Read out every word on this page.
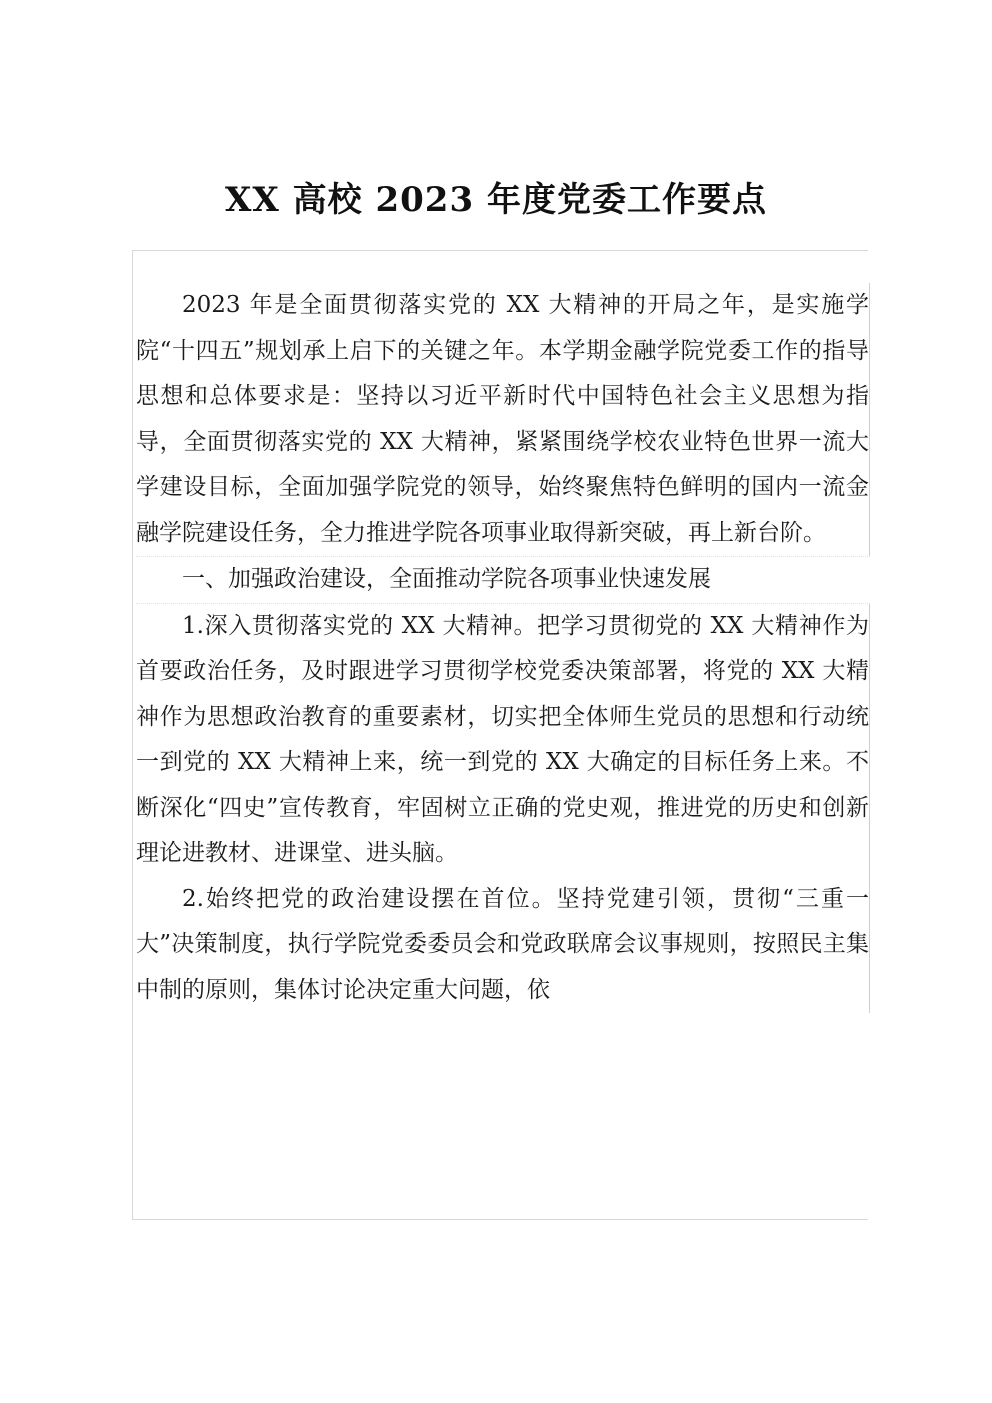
XX 高校 2023 年度党委工作要点

2023 年是全面贯彻落实党的 XX 大精神的开局之年，是实施学院“十四五”规划承上启下的关键之年。本学期金融学院党委工作的指导思想和总体要求是：坚持以习近平新时代中国特色社会主义思想为指导，全面贯彻落实党的 XX 大精神，紧紧围绕学校农业特色世界一流大学建设目标，全面加强学院党的领导，始终聚焦特色鲜明的国内一流金融学院建设任务，全力推进学院各项事业取得新突破，再上新台阶。

一、加强政治建设，全面推动学院各项事业快速发展

1.深入贯彻落实党的 XX 大精神。把学习贯彻党的 XX 大精神作为首要政治任务，及时跟进学习贯彻学校党委决策部署，将党的 XX 大精神作为思想政治教育的重要素材，切实把全体师生党员的思想和行动统一到党的 XX 大精神上来，统一到党的 XX 大确定的目标任务上来。不断深化“四史”宣传教育，牢固树立正确的党史观，推进党的历史和创新理论进教材、进课堂、进头脑。

2.始终把党的政治建设摆在首位。坚持党建引领，贯彻“三重一大”决策制度，执行学院党委委员会和党政联席会议事规则，按照民主集中制的原则，集体讨论决定重大问题，依
